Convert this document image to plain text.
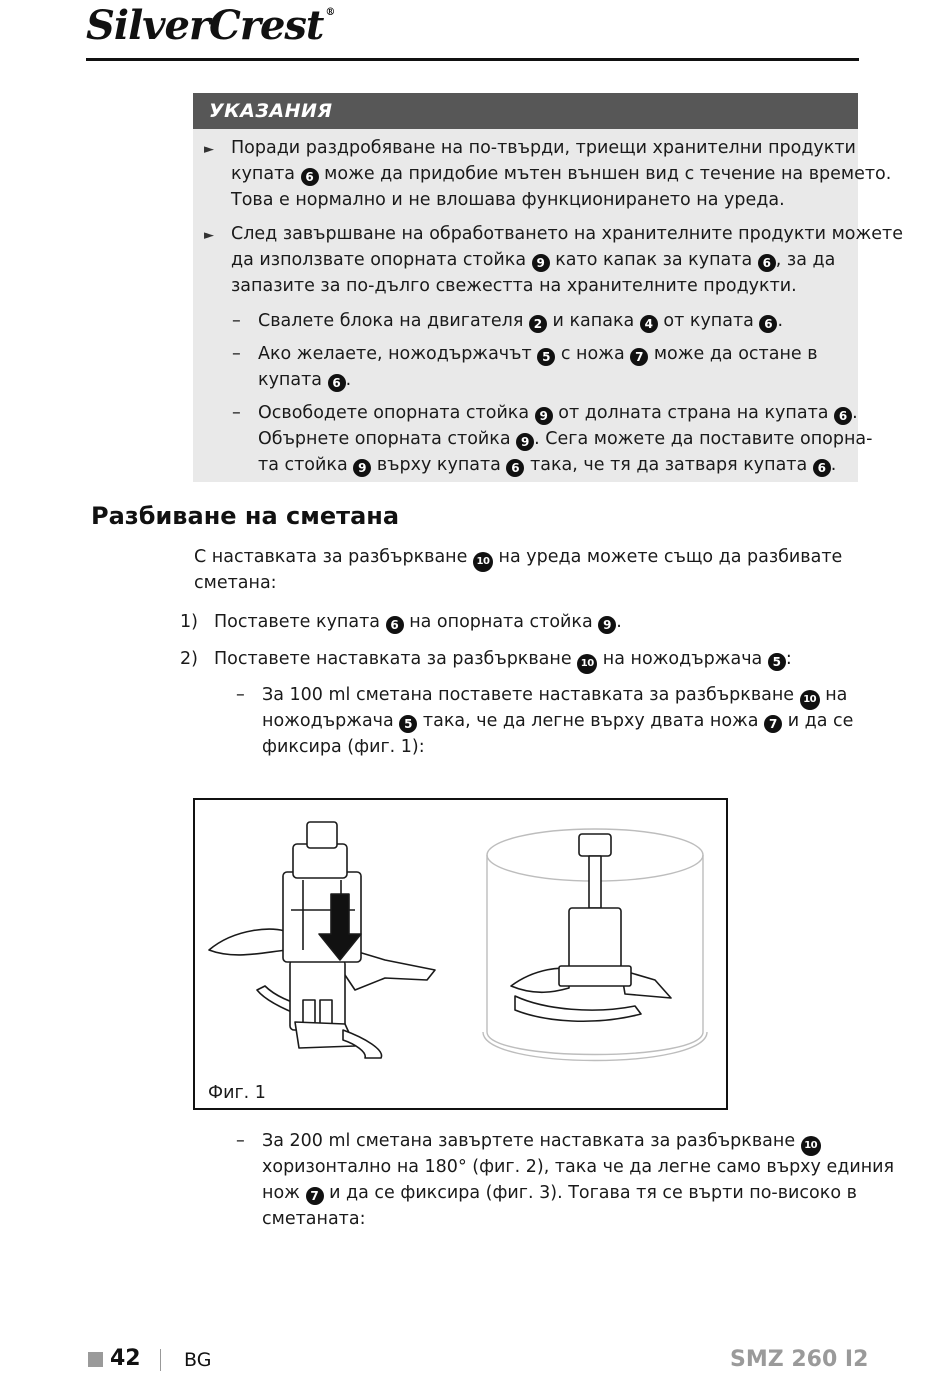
SilverCrest ®
УКАЗАНИЯ
► Поради раздробяване на по-твърди, триещи хранителни продукти
купата 6 може да придобие мътен външен вид с течение на времето.
Това е нормално и не влошава функционирането на уреда.
► След завършване на обработването на хранителните продукти можете
да използвате опорната стойка 9 като капак за купата 6 , за да
запазите за по-дълго свежестта на хранителните продукти.
– Свалете блока на двигателя 2 и капака 4 от купата 6 .
– Ако желаете, ножодържачът 5 с ножа 7 може да остане в
купата 6 .
– Освободете опорната стойка 9 от долната страна на купата 6 .
Обърнете опорната стойка 9 . Сега можете да поставите опорна-
та стойка 9 върху купата 6 така, че тя да затваря купата 6 .
Разбиване на сметана
С наставката за разбъркване 10 на уреда можете също да разбивате
сметана:
1) Поставете купата 6 на опорната стойка 9 .
2) Поставете наставката за разбъркване 10 на ножодържача 5 :
– За 100 ml сметана поставете наставката за разбъркване 10 на
ножодържача 5 така, че да легне върху двата ножа 7 и да се
фиксира (фиг. 1):
Фиг. 1
– За 200 ml сметана завъртете наставката за разбъркване 10
хоризонтално на 180° (фиг. 2), така че да легне само върху единия
нож 7 и да се фиксира (фиг. 3). Тогава тя се върти по-високо в
сметаната:
42 BG	SMZ 260 I2
